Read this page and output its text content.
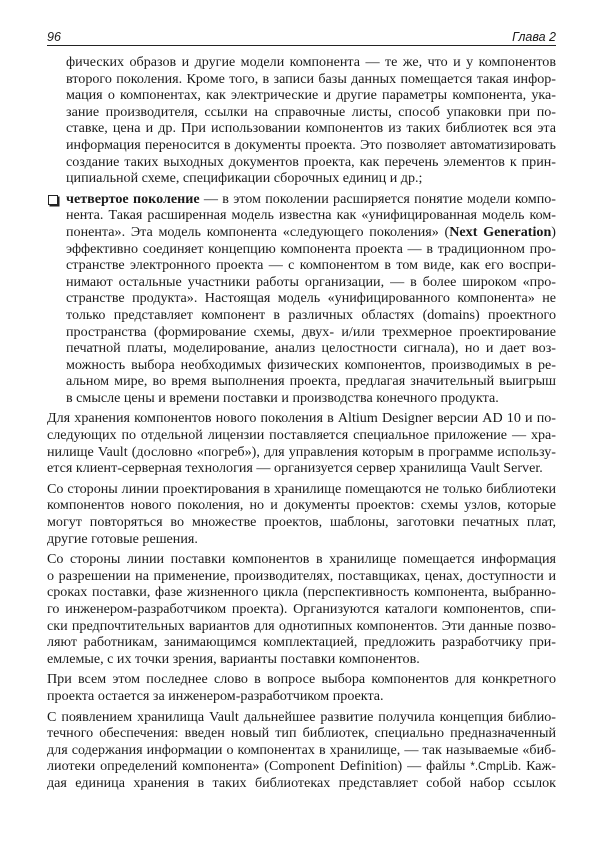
96	Глава 2
фических образов и другие модели компонента — те же, что и у компонентов
второго поколения. Кроме того, в записи базы данных помещается такая инфор-
мация о компонентах, как электрические и другие параметры компонента, ука-
зание производителя, ссылки на справочные листы, способ упаковки при по-
ставке, цена и др. При использовании компонентов из таких библиотек вся эта
информация переносится в документы проекта. Это позволяет автоматизировать
создание таких выходных документов проекта, как перечень элементов к прин-
ципиальной схеме, спецификации сборочных единиц и др.;
четвертое поколение — в этом поколении расширяется понятие модели компо-
нента. Такая расширенная модель известна как «унифицированная модель ком-
понента». Эта модель компонента «следующего поколения» (Next Generation)
эффективно соединяет концепцию компонента проекта — в традиционном про-
странстве электронного проекта — с компонентом в том виде, как его воспри-
нимают остальные участники работы организации, — в более широком «про-
странстве продукта». Настоящая модель «унифицированного компонента» не
только представляет компонент в различных областях (domains) проектного
пространства (формирование схемы, двух- и/или трехмерное проектирование
печатной платы, моделирование, анализ целостности сигнала), но и дает воз-
можность выбора необходимых физических компонентов, производимых в ре-
альном мире, во время выполнения проекта, предлагая значительный выигрыш
в смысле цены и времени поставки и производства конечного продукта.
Для хранения компонентов нового поколения в Altium Designer версии AD 10 и по-
следующих по отдельной лицензии поставляется специальное приложение — хра-
нилище Vault (дословно «погреб»), для управления которым в программе использу-
ется клиент-серверная технология — организуется сервер хранилища Vault Server.
Со стороны линии проектирования в хранилище помещаются не только библиотеки
компонентов нового поколения, но и документы проектов: схемы узлов, которые
могут повторяться во множестве проектов, шаблоны, заготовки печатных плат,
другие готовые решения.
Со стороны линии поставки компонентов в хранилище помещается информация
о разрешении на применение, производителях, поставщиках, ценах, доступности и
сроках поставки, фазе жизненного цикла (перспективность компонента, выбранно-
го инженером-разработчиком проекта). Организуются каталоги компонентов, спи-
ски предпочтительных вариантов для однотипных компонентов. Эти данные позво-
ляют работникам, занимающимся комплектацией, предложить разработчику при-
емлемые, с их точки зрения, варианты поставки компонентов.
При всем этом последнее слово в вопросе выбора компонентов для конкретного
проекта остается за инженером-разработчиком проекта.
С появлением хранилища Vault дальнейшее развитие получила концепция библио-
течного обеспечения: введен новый тип библиотек, специально предназначенный
для содержания информации о компонентах в хранилище, — так называемые «биб-
лиотеки определений компонента» (Component Definition) — файлы *.CmpLib. Каж-
дая единица хранения в таких библиотеках представляет собой набор ссылок
